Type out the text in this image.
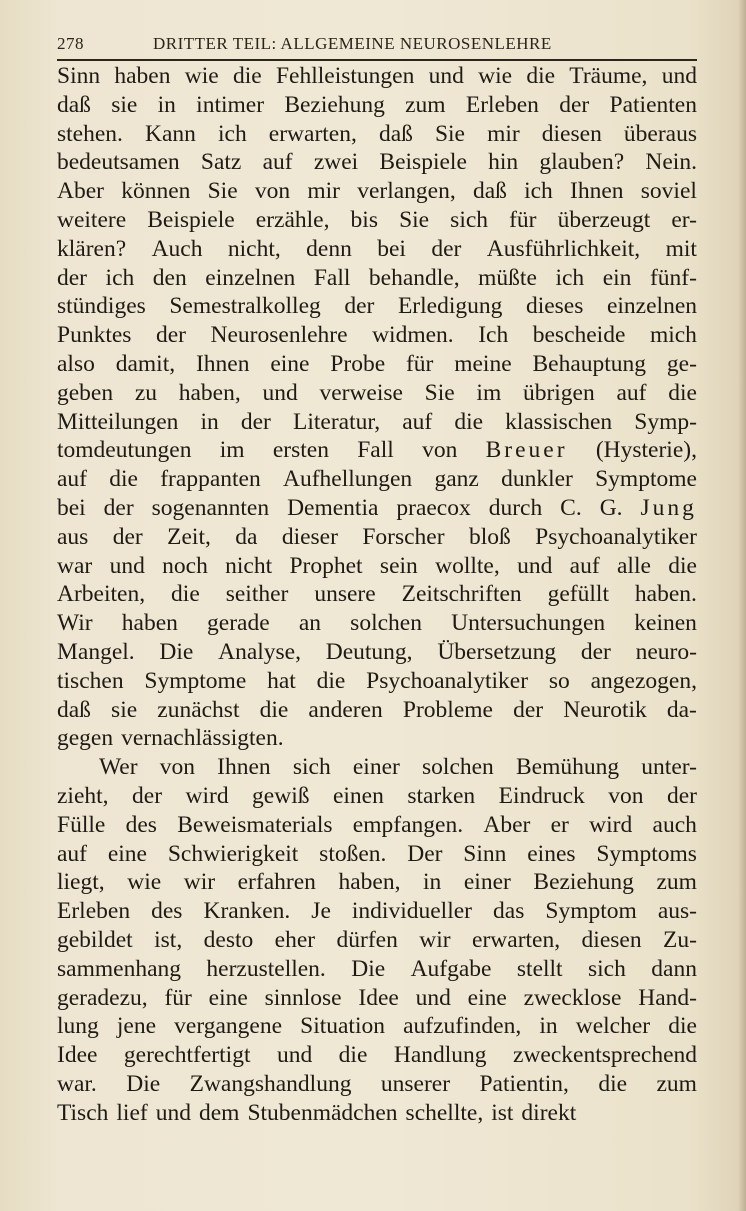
278	DRITTER TEIL: ALLGEMEINE NEUROSENLEHRE
Sinn haben wie die Fehlleistungen und wie die Träume, und
daß sie in intimer Beziehung zum Erleben der Patienten
stehen. Kann ich erwarten, daß Sie mir diesen überaus
bedeutsamen Satz auf zwei Beispiele hin glauben? Nein.
Aber können Sie von mir verlangen, daß ich Ihnen soviel
weitere Beispiele erzähle, bis Sie sich für überzeugt er-
klären? Auch nicht, denn bei der Ausführlichkeit, mit
der ich den einzelnen Fall behandle, müßte ich ein fünf-
stündiges Semestralkolleg der Erledigung dieses einzelnen
Punktes der Neurosenlehre widmen. Ich bescheide mich
also damit, Ihnen eine Probe für meine Behauptung ge-
geben zu haben, und verweise Sie im übrigen auf die
Mitteilungen in der Literatur, auf die klassischen Symp-
tomdeutungen im ersten Fall von Breuer (Hysterie),
auf die frappanten Aufhellungen ganz dunkler Symptome
bei der sogenannten Dementia praecox durch C. G. Jung
aus der Zeit, da dieser Forscher bloß Psychoanalytiker
war und noch nicht Prophet sein wollte, und auf alle die
Arbeiten, die seither unsere Zeitschriften gefüllt haben.
Wir haben gerade an solchen Untersuchungen keinen
Mangel. Die Analyse, Deutung, Übersetzung der neuro-
tischen Symptome hat die Psychoanalytiker so angezogen,
daß sie zunächst die anderen Probleme der Neurotik da-
gegen vernachlässigten.
Wer von Ihnen sich einer solchen Bemühung unter-
zieht, der wird gewiß einen starken Eindruck von der
Fülle des Beweismaterials empfangen. Aber er wird auch
auf eine Schwierigkeit stoßen. Der Sinn eines Symptoms
liegt, wie wir erfahren haben, in einer Beziehung zum
Erleben des Kranken. Je individueller das Symptom aus-
gebildet ist, desto eher dürfen wir erwarten, diesen Zu-
sammenhang herzustellen. Die Aufgabe stellt sich dann
geradezu, für eine sinnlose Idee und eine zwecklose Hand-
lung jene vergangene Situation aufzufinden, in welcher die
Idee gerechtfertigt und die Handlung zweckentsprechend
war. Die Zwangshandlung unserer Patientin, die zum
Tisch lief und dem Stubenmädchen schellte, ist direkt
